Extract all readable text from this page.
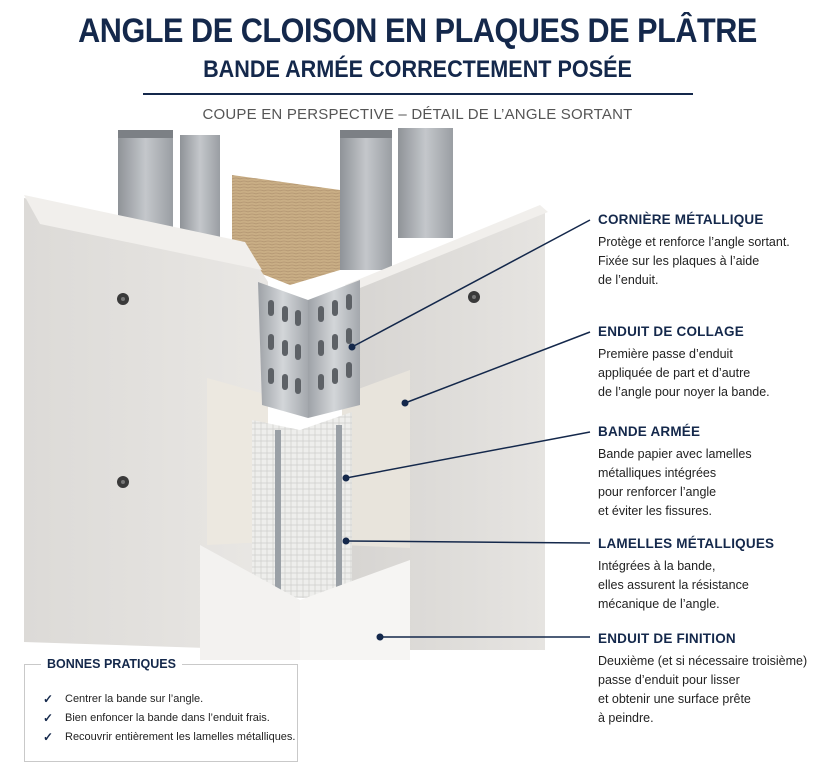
ANGLE DE CLOISON EN PLAQUES DE PLÂTRE
BANDE ARMÉE CORRECTEMENT POSÉE
COUPE EN PERSPECTIVE – DÉTAIL DE L’ANGLE SORTANT
CORNIÈRE MÉTALLIQUE
Protège et renforce l’angle sortant.
Fixée sur les plaques à l’aide
de l’enduit.
ENDUIT DE COLLAGE
Première passe d’enduit
appliquée de part et d’autre
de l’angle pour noyer la bande.
BANDE ARMÉE
Bande papier avec lamelles
métalliques intégrées
pour renforcer l’angle
et éviter les fissures.
LAMELLES MÉTALLIQUES
Intégrées à la bande,
elles assurent la résistance
mécanique de l’angle.
ENDUIT DE FINITION
Deuxième (et si nécessaire troisième)
passe d’enduit pour lisser
et obtenir une surface prête
à peindre.
BONNES PRATIQUES
✓	Centrer la bande sur l’angle.
✓	Bien enfoncer la bande dans l’enduit frais.
✓	Recouvrir entièrement les lamelles métalliques.
